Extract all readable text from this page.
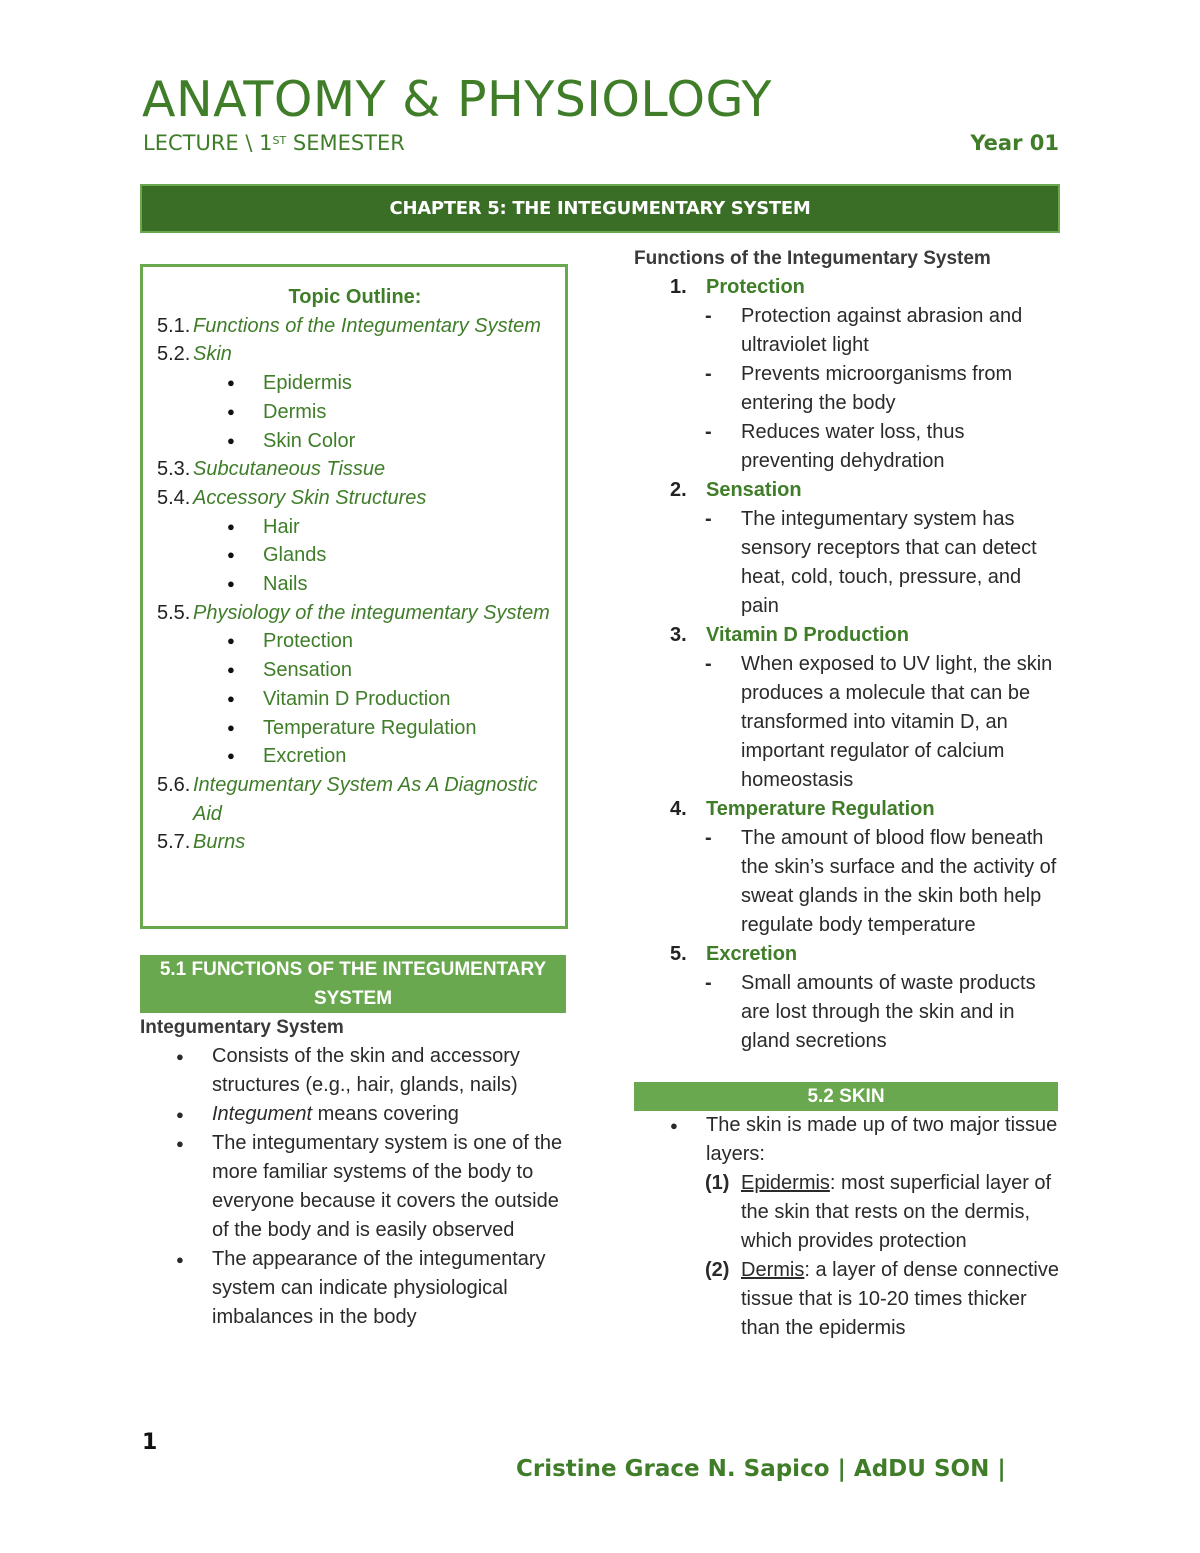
ANATOMY & PHYSIOLOGY
LECTURE \ 1ST SEMESTER	Year 01
CHAPTER 5: THE INTEGUMENTARY SYSTEM
Topic Outline:
5.1. Functions of the Integumentary System
5.2. Skin
● Epidermis
● Dermis
● Skin Color
5.3. Subcutaneous Tissue
5.4. Accessory Skin Structures
● Hair
● Glands
● Nails
5.5. Physiology of the integumentary System
● Protection
● Sensation
● Vitamin D Production
● Temperature Regulation
● Excretion
5.6. Integumentary System As A Diagnostic Aid
5.7. Burns
5.1 FUNCTIONS OF THE INTEGUMENTARY SYSTEM
Integumentary System
● Consists of the skin and accessory structures (e.g., hair, glands, nails)
● Integument means covering
● The integumentary system is one of the more familiar systems of the body to everyone because it covers the outside of the body and is easily observed
● The appearance of the integumentary system can indicate physiological imbalances in the body
Functions of the Integumentary System
1. Protection
- Protection against abrasion and ultraviolet light
- Prevents microorganisms from entering the body
- Reduces water loss, thus preventing dehydration
2. Sensation
- The integumentary system has sensory receptors that can detect heat, cold, touch, pressure, and pain
3. Vitamin D Production
- When exposed to UV light, the skin produces a molecule that can be transformed into vitamin D, an important regulator of calcium homeostasis
4. Temperature Regulation
- The amount of blood flow beneath the skin’s surface and the activity of sweat glands in the skin both help regulate body temperature
5. Excretion
- Small amounts of waste products are lost through the skin and in gland secretions
5.2 SKIN
● The skin is made up of two major tissue layers:
(1) Epidermis: most superficial layer of the skin that rests on the dermis, which provides protection
(2) Dermis: a layer of dense connective tissue that is 10-20 times thicker than the epidermis
1
Cristine Grace N. Sapico | AdDU SON |
